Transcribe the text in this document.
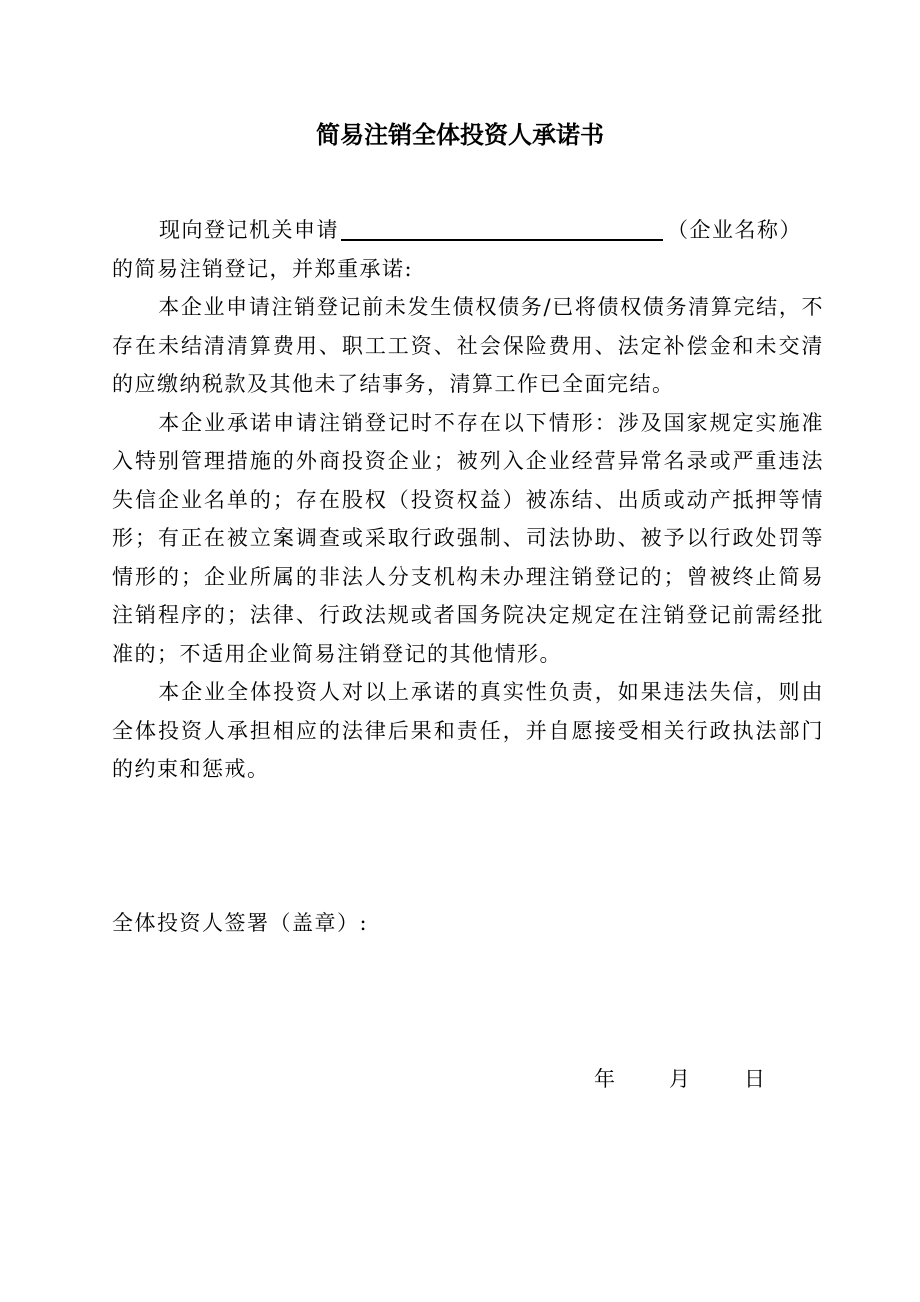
简易注销全体投资人承诺书

现向登记机关申请	（企业名称）

的简易注销登记，并郑重承诺:

本企业申请注销登记前未发生债权债务/已将债权债务清算完结，不存在未结清清算费用、职工工资、社会保险费用、法定补偿金和未交清的应缴纳税款及其他未了结事务，清算工作已全面完结。

本企业承诺申请注销登记时不存在以下情形：涉及国家规定实施准入特别管理措施的外商投资企业；被列入企业经营异常名录或严重违法失信企业名单的；存在股权（投资权益）被冻结、出质或动产抵押等情形；有正在被立案调查或采取行政强制、司法协助、被予以行政处罚等情形的；企业所属的非法人分支机构未办理注销登记的；曾被终止简易注销程序的；法律、行政法规或者国务院决定规定在注销登记前需经批准的；不适用企业简易注销登记的其他情形。

本企业全体投资人对以上承诺的真实性负责，如果违法失信，则由全体投资人承担相应的法律后果和责任，并自愿接受相关行政执法部门的约束和惩戒。

全体投资人签署（盖章）:
年	月	日
